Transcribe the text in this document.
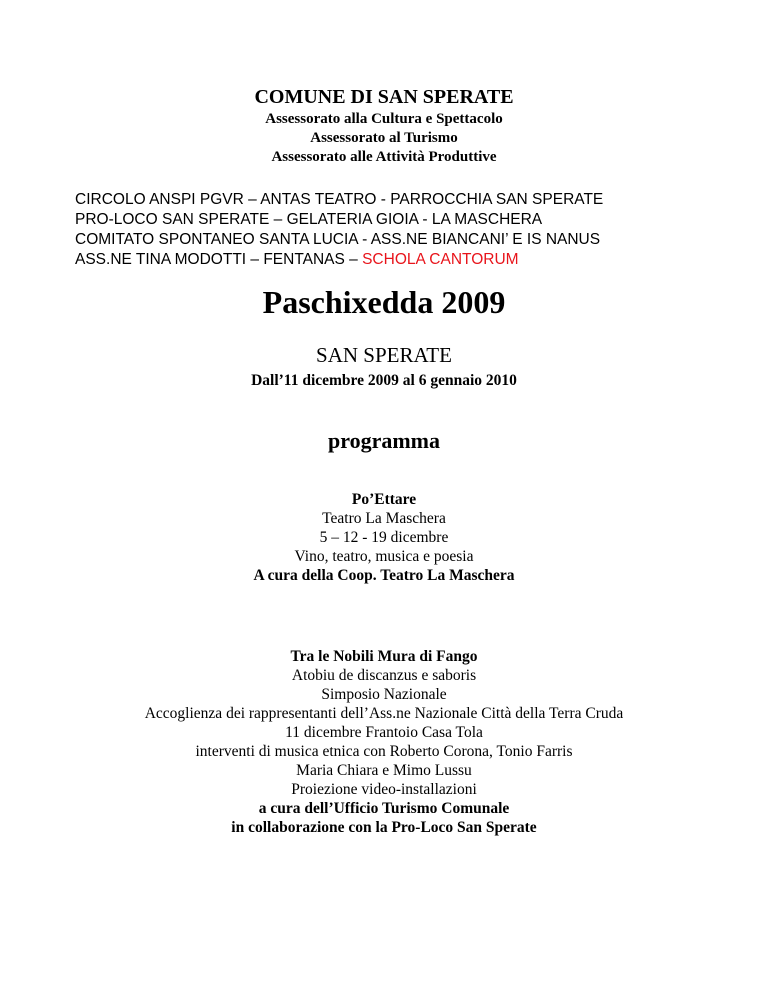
COMUNE DI SAN SPERATE
Assessorato alla Cultura e Spettacolo
Assessorato al Turismo
Assessorato alle Attività Produttive
CIRCOLO ANSPI PGVR – ANTAS TEATRO - PARROCCHIA SAN SPERATE
PRO-LOCO SAN SPERATE – GELATERIA GIOIA - LA MASCHERA
COMITATO SPONTANEO SANTA LUCIA - ASS.NE BIANCANI’ E IS NANUS
ASS.NE TINA MODOTTI – FENTANAS – SCHOLA CANTORUM
Paschixedda 2009
SAN SPERATE
Dall’11 dicembre 2009 al 6 gennaio 2010
programma
Po’Ettare
Teatro La Maschera
5 – 12 - 19 dicembre
Vino, teatro, musica e poesia
A cura della Coop. Teatro La Maschera
Tra le Nobili Mura di Fango
Atobiu de discanzus e saboris
Simposio Nazionale
Accoglienza dei rappresentanti dell’Ass.ne Nazionale Città della Terra Cruda
11 dicembre Frantoio Casa Tola
interventi di musica etnica con Roberto Corona, Tonio Farris
Maria Chiara e Mimo Lussu
Proiezione video-installazioni
a cura dell’Ufficio Turismo Comunale
in collaborazione con la Pro-Loco San Sperate
